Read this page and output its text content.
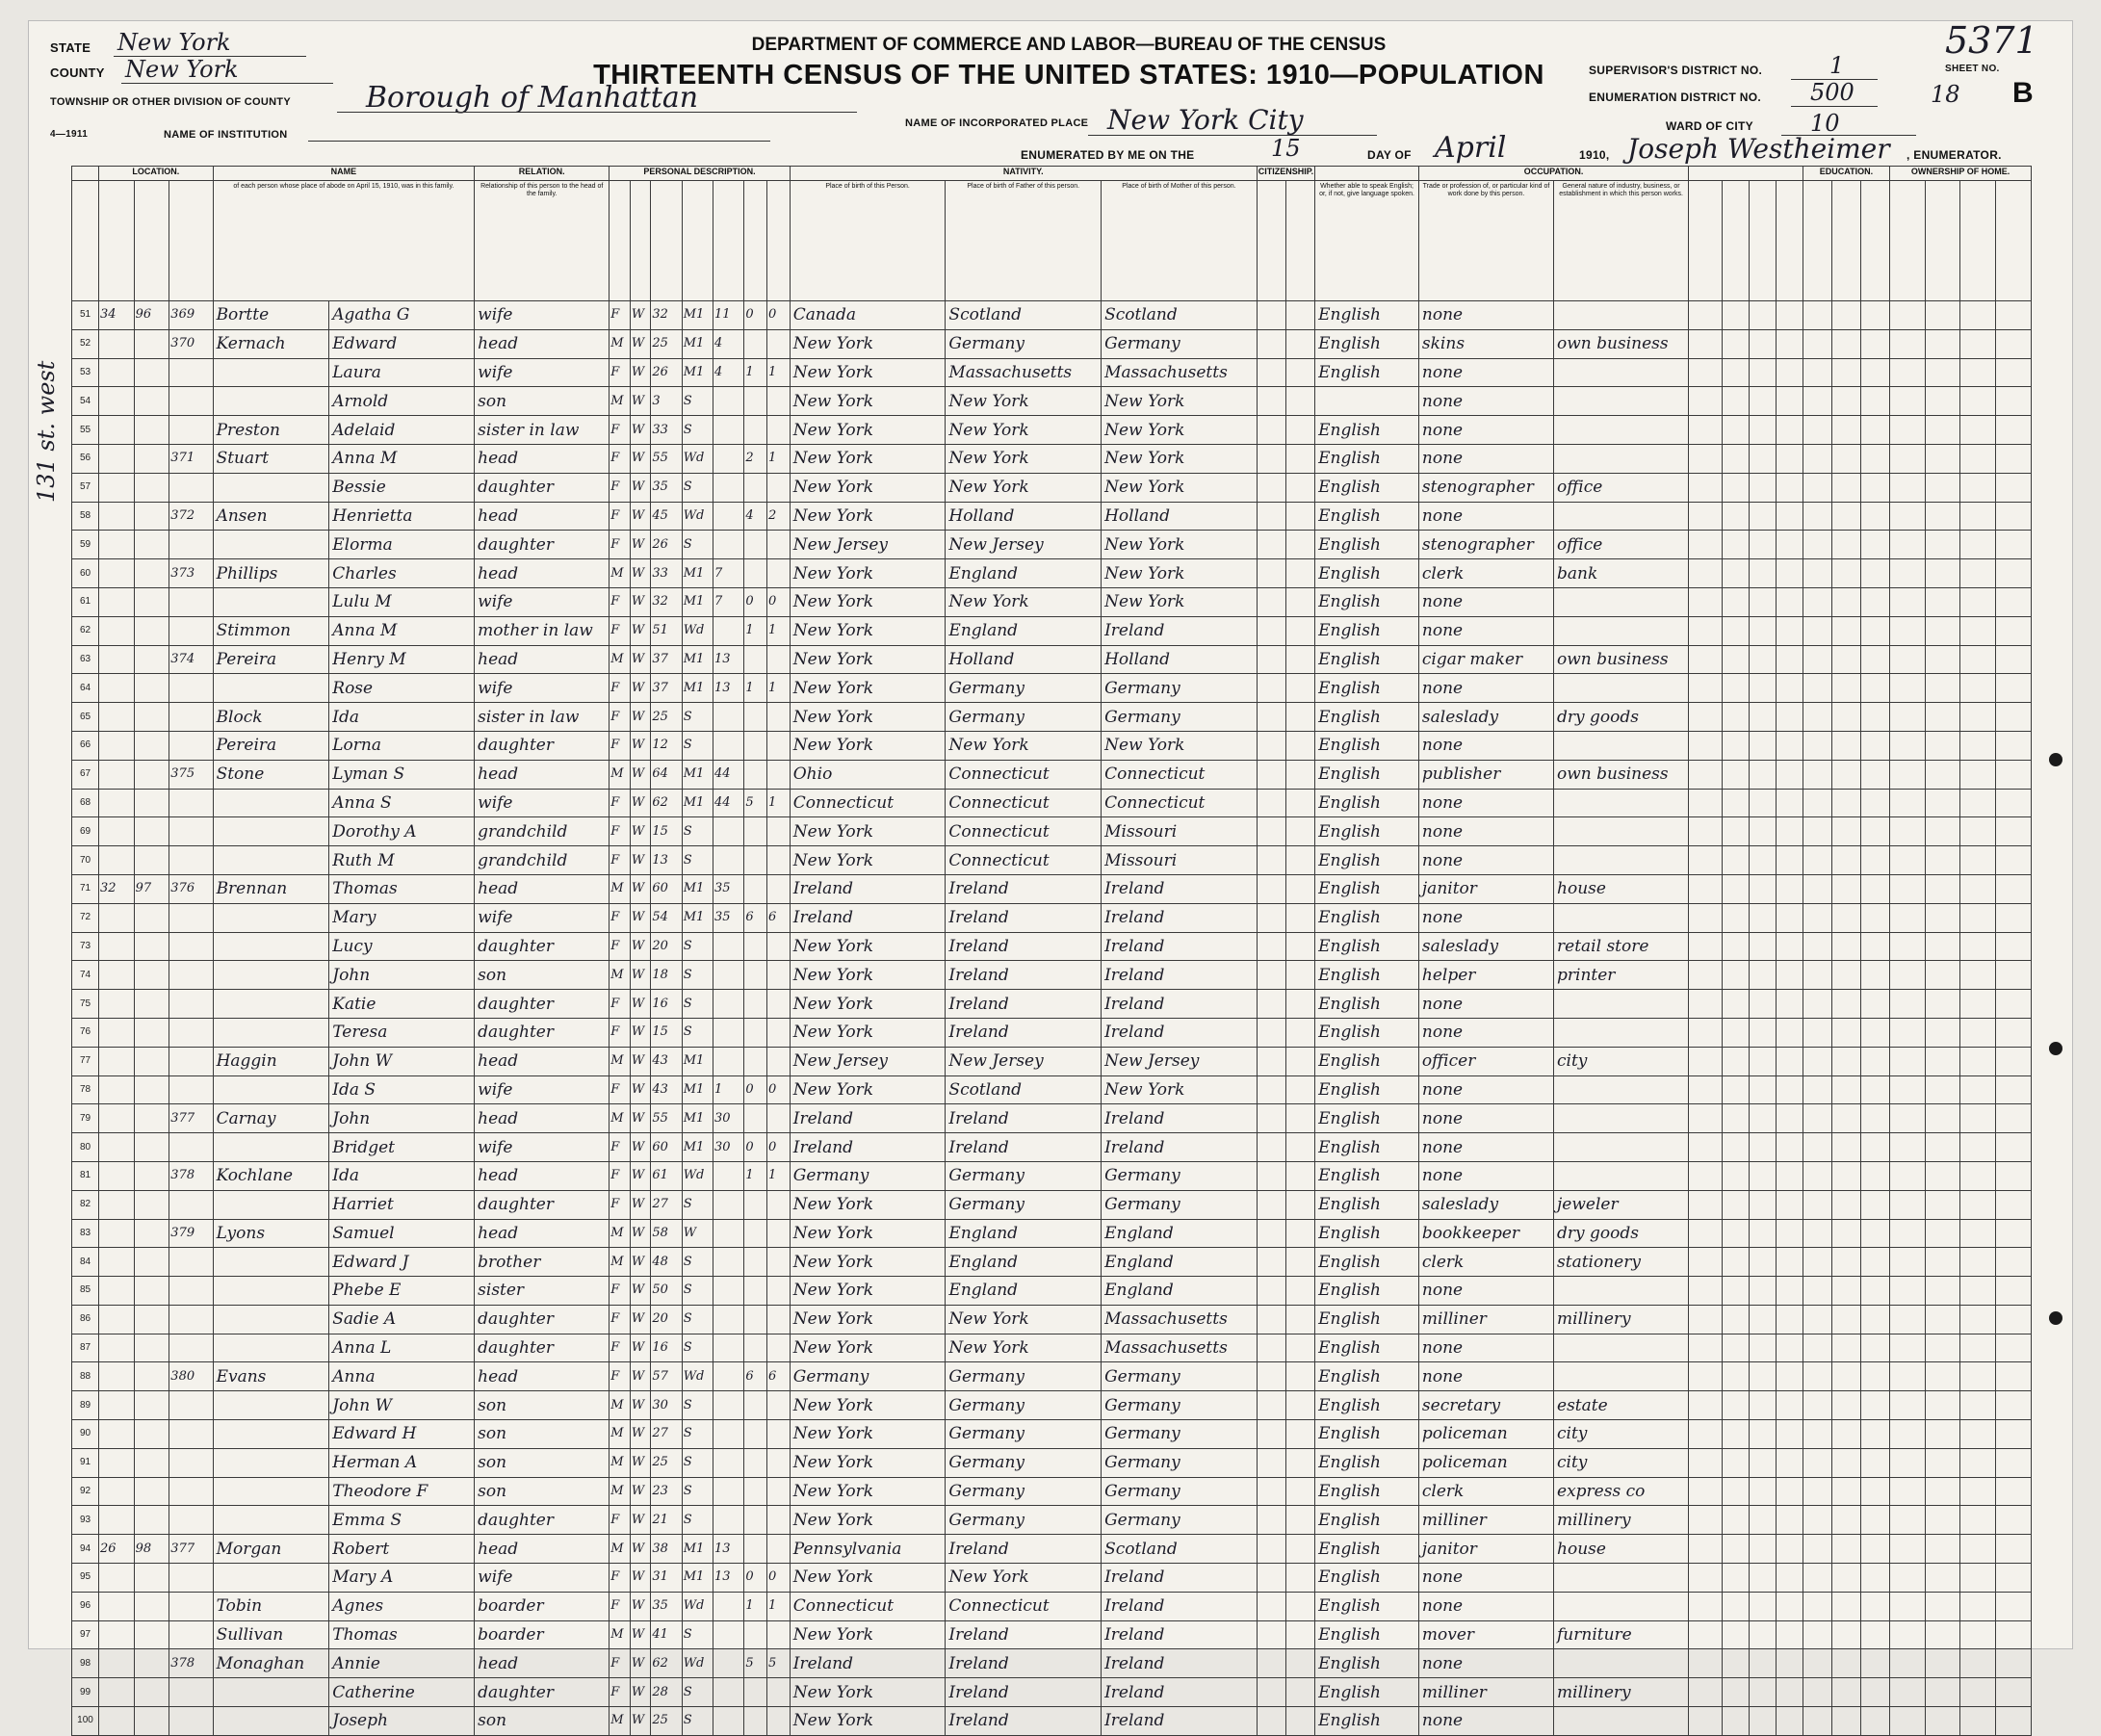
STATE New York
COUNTY New York
TOWNSHIP OR OTHER DIVISION OF COUNTY	Borough of Manhattan
4—1911	NAME OF INSTITUTION
DEPARTMENT OF COMMERCE AND LABOR—BUREAU OF THE CENSUS
THIRTEENTH CENSUS OF THE UNITED STATES: 1910—POPULATION
NAME OF INCORPORATED PLACE New York City
ENUMERATED BY ME ON THE	15	DAY OF April	1910, Joseph Westheimer , ENUMERATOR.
SUPERVISOR'S DISTRICT NO.	1
ENUMERATION DISTRICT NO. 500
SHEET NO.
18 B
5371
WARD OF CITY 10
131 st. west
	LOCATION.			NAME		RELATION.	PERSONAL DESCRIPTION.							NATIVITY.			CITIZENSHIP.			OCCUPATION.						EDUCATION.			OWNERSHIP OF HOME.			
				of each person whose place of abode on April 15, 1910, was in this family.		Relationship of this person to the head of the family.								Place of birth of this Person.	Place of birth of Father of this person.	Place of birth of Mother of this person.			Whether able to speak English; or, if not, give language spoken.	Trade or profession of, or particular kind of work done by this person.	General nature of industry, business, or establishment in which this person works.											
51	34	96	369	Bortte	Agatha G	wife	F	W	32	M1	11	0	0	Canada	Scotland	Scotland			English	none												
52			370	Kernach	Edward	head	M	W	25	M1	4			New York	Germany	Germany			English	skins	own business											
53					Laura	wife	F	W	26	M1	4	1	1	New York	Massachusetts	Massachusetts			English	none												
54					Arnold	son	M	W	3	S				New York	New York	New York				none												
55				Preston	Adelaid	sister in law	F	W	33	S				New York	New York	New York			English	none												
56			371	Stuart	Anna M	head	F	W	55	Wd		2	1	New York	New York	New York			English	none												
57					Bessie	daughter	F	W	35	S				New York	New York	New York			English	stenographer	office											
58			372	Ansen	Henrietta	head	F	W	45	Wd		4	2	New York	Holland	Holland			English	none												
59					Elorma	daughter	F	W	26	S				New Jersey	New Jersey	New York			English	stenographer	office											
60			373	Phillips	Charles	head	M	W	33	M1	7			New York	England	New York			English	clerk	bank											
61					Lulu M	wife	F	W	32	M1	7	0	0	New York	New York	New York			English	none												
62				Stimmon	Anna M	mother in law	F	W	51	Wd		1	1	New York	England	Ireland			English	none												
63			374	Pereira	Henry M	head	M	W	37	M1	13			New York	Holland	Holland			English	cigar maker	own business											
64					Rose	wife	F	W	37	M1	13	1	1	New York	Germany	Germany			English	none												
65				Block	Ida	sister in law	F	W	25	S				New York	Germany	Germany			English	saleslady	dry goods											
66				Pereira	Lorna	daughter	F	W	12	S				New York	New York	New York			English	none												
67			375	Stone	Lyman S	head	M	W	64	M1	44			Ohio	Connecticut	Connecticut			English	publisher	own business											
68					Anna S	wife	F	W	62	M1	44	5	1	Connecticut	Connecticut	Connecticut			English	none												
69					Dorothy A	grandchild	F	W	15	S				New York	Connecticut	Missouri			English	none												
70					Ruth M	grandchild	F	W	13	S				New York	Connecticut	Missouri			English	none												
71	32	97	376	Brennan	Thomas	head	M	W	60	M1	35			Ireland	Ireland	Ireland			English	janitor	house											
72					Mary	wife	F	W	54	M1	35	6	6	Ireland	Ireland	Ireland			English	none												
73					Lucy	daughter	F	W	20	S				New York	Ireland	Ireland			English	saleslady	retail store											
74					John	son	M	W	18	S				New York	Ireland	Ireland			English	helper	printer											
75					Katie	daughter	F	W	16	S				New York	Ireland	Ireland			English	none												
76					Teresa	daughter	F	W	15	S				New York	Ireland	Ireland			English	none												
77				Haggin	John W	head	M	W	43	M1				New Jersey	New Jersey	New Jersey			English	officer	city											
78					Ida S	wife	F	W	43	M1	1	0	0	New York	Scotland	New York			English	none												
79			377	Carnay	John	head	M	W	55	M1	30			Ireland	Ireland	Ireland			English	none												
80					Bridget	wife	F	W	60	M1	30	0	0	Ireland	Ireland	Ireland			English	none												
81			378	Kochlane	Ida	head	F	W	61	Wd		1	1	Germany	Germany	Germany			English	none												
82					Harriet	daughter	F	W	27	S				New York	Germany	Germany			English	saleslady	jeweler											
83			379	Lyons	Samuel	head	M	W	58	W				New York	England	England			English	bookkeeper	dry goods											
84					Edward J	brother	M	W	48	S				New York	England	England			English	clerk	stationery											
85					Phebe E	sister	F	W	50	S				New York	England	England			English	none												
86					Sadie A	daughter	F	W	20	S				New York	New York	Massachusetts			English	milliner	millinery											
87					Anna L	daughter	F	W	16	S				New York	New York	Massachusetts			English	none												
88			380	Evans	Anna	head	F	W	57	Wd		6	6	Germany	Germany	Germany			English	none												
89					John W	son	M	W	30	S				New York	Germany	Germany			English	secretary	estate											
90					Edward H	son	M	W	27	S				New York	Germany	Germany			English	policeman	city											
91					Herman A	son	M	W	25	S				New York	Germany	Germany			English	policeman	city											
92					Theodore F	son	M	W	23	S				New York	Germany	Germany			English	clerk	express co											
93					Emma S	daughter	F	W	21	S				New York	Germany	Germany			English	milliner	millinery											
94	26	98	377	Morgan	Robert	head	M	W	38	M1	13			Pennsylvania	Ireland	Scotland			English	janitor	house											
95					Mary A	wife	F	W	31	M1	13	0	0	New York	New York	Ireland			English	none												
96				Tobin	Agnes	boarder	F	W	35	Wd		1	1	Connecticut	Connecticut	Ireland			English	none												
97				Sullivan	Thomas	boarder	M	W	41	S				New York	Ireland	Ireland			English	mover	furniture											
98			378	Monaghan	Annie	head	F	W	62	Wd		5	5	Ireland	Ireland	Ireland			English	none												
99					Catherine	daughter	F	W	28	S				New York	Ireland	Ireland			English	milliner	millinery											
100					Joseph	son	M	W	25	S				New York	Ireland	Ireland			English	none												
